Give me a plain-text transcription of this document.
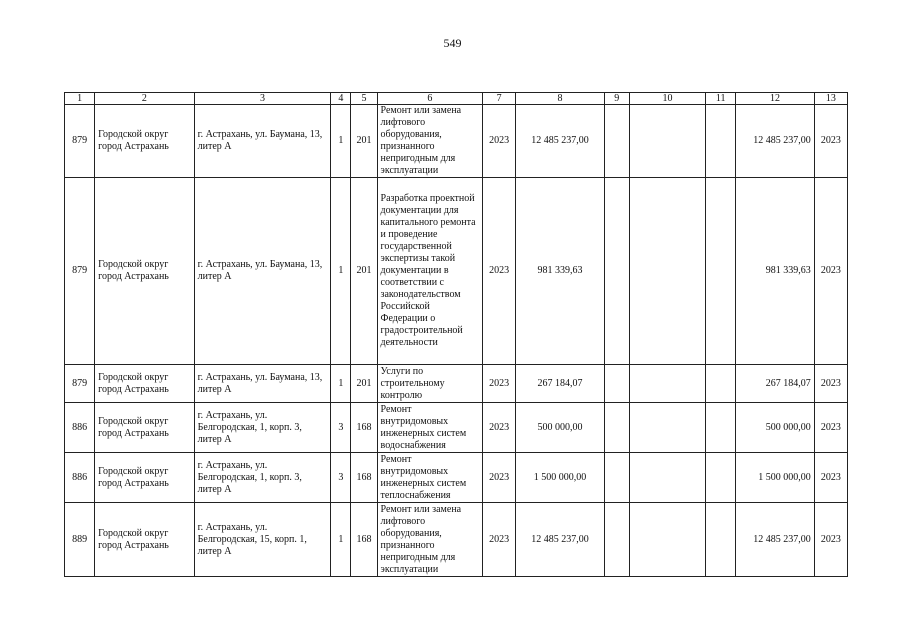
549
1	2	3	4	5	6	7	8	9	10	11	12	13
879	Городской округ город Астрахань	г. Астрахань, ул. Баумана, 13, литер А	1	201	Ремонт или замена лифтового оборудования, признанного непригодным для эксплуатации	2023	12 485 237,00				12 485 237,00	2023
879	Городской округ город Астрахань	г. Астрахань, ул. Баумана, 13, литер А	1	201	Разработка проектной документации для капитального ремонта и проведение государственной экспертизы такой документации в соответствии с законодательством Российской Федерации о градостроительной деятельности	2023	981 339,63				981 339,63	2023
879	Городской округ город Астрахань	г. Астрахань, ул. Баумана, 13, литер А	1	201	Услуги по строительному контролю	2023	267 184,07				267 184,07	2023
886	Городской округ город Астрахань	г. Астрахань, ул. Белгородская, 1, корп. 3, литер А	3	168	Ремонт внутридомовых инженерных систем водоснабжения	2023	500 000,00				500 000,00	2023
886	Городской округ город Астрахань	г. Астрахань, ул. Белгородская, 1, корп. 3, литер А	3	168	Ремонт внутридомовых инженерных систем теплоснабжения	2023	1 500 000,00				1 500 000,00	2023
889	Городской округ город Астрахань	г. Астрахань, ул. Белгородская, 15, корп. 1, литер А	1	168	Ремонт или замена лифтового оборудования, признанного непригодным для эксплуатации	2023	12 485 237,00				12 485 237,00	2023
